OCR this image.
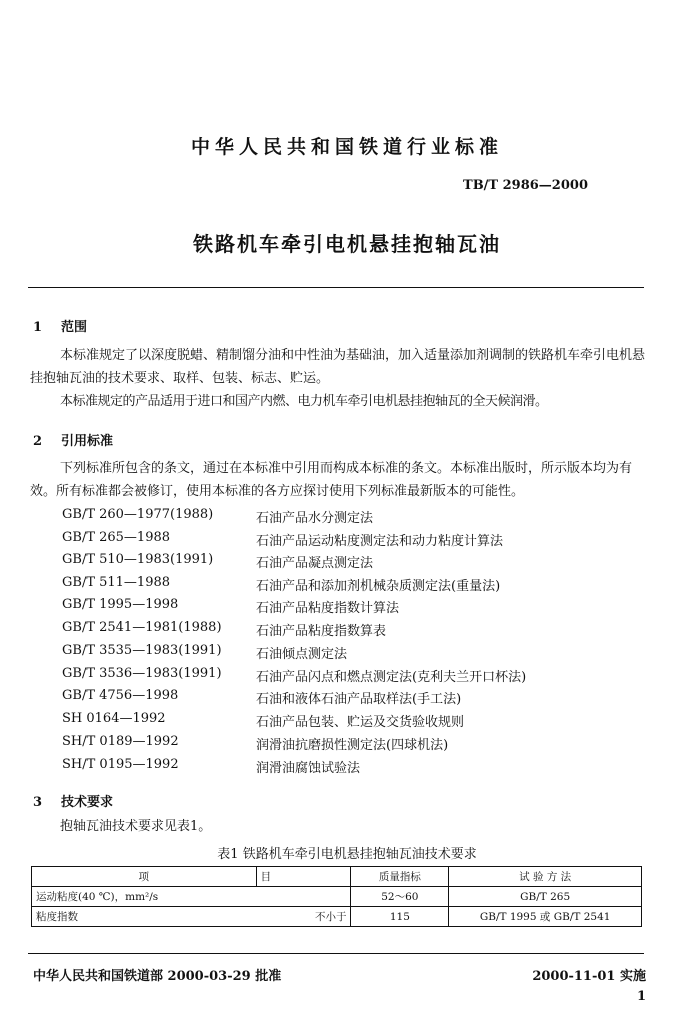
中华人民共和国铁道行业标准
TB/T 2986—2000
铁路机车牵引电机悬挂抱轴瓦油
1 范围

本标准规定了以深度脱蜡、精制馏分油和中性油为基础油，加入适量添加剂调制的铁路机车牵引电机悬挂抱轴瓦油的技术要求、取样、包装、标志、贮运。

本标准规定的产品适用于进口和国产内燃、电力机车牵引电机悬挂抱轴瓦的全天候润滑。

2 引用标准

下列标准所包含的条文，通过在本标准中引用而构成本标准的条文。本标准出版时，所示版本均为有效。所有标准都会被修订，使用本标准的各方应探讨使用下列标准最新版本的可能性。

GB/T 260—1977(1988)	石油产品水分测定法
GB/T 265—1988	石油产品运动粘度测定法和动力粘度计算法
GB/T 510—1983(1991)	石油产品凝点测定法
GB/T 511—1988	石油产品和添加剂机械杂质测定法(重量法)
GB/T 1995—1998	石油产品粘度指数计算法
GB/T 2541—1981(1988)	石油产品粘度指数算表
GB/T 3535—1983(1991)	石油倾点测定法
GB/T 3536—1983(1991)	石油产品闪点和燃点测定法(克利夫兰开口杯法)
GB/T 4756—1998	石油和液体石油产品取样法(手工法)
SH 0164—1992	石油产品包装、贮运及交货验收规则
SH/T 0189—1992	润滑油抗磨损性测定法(四球机法)
SH/T 0195—1992	润滑油腐蚀试验法
3 技术要求

抱轴瓦油技术要求见表1。

表1 铁路机车牵引电机悬挂抱轴瓦油技术要求
项	目	质量指标	试 验 方 法
运动粘度(40 ℃)，mm²/s		52～60	GB/T 265
粘度指数	不小于	115	GB/T 1995 或 GB/T 2541
中华人民共和国铁道部 2000-03-29 批准	2000-11-01 实施
1
